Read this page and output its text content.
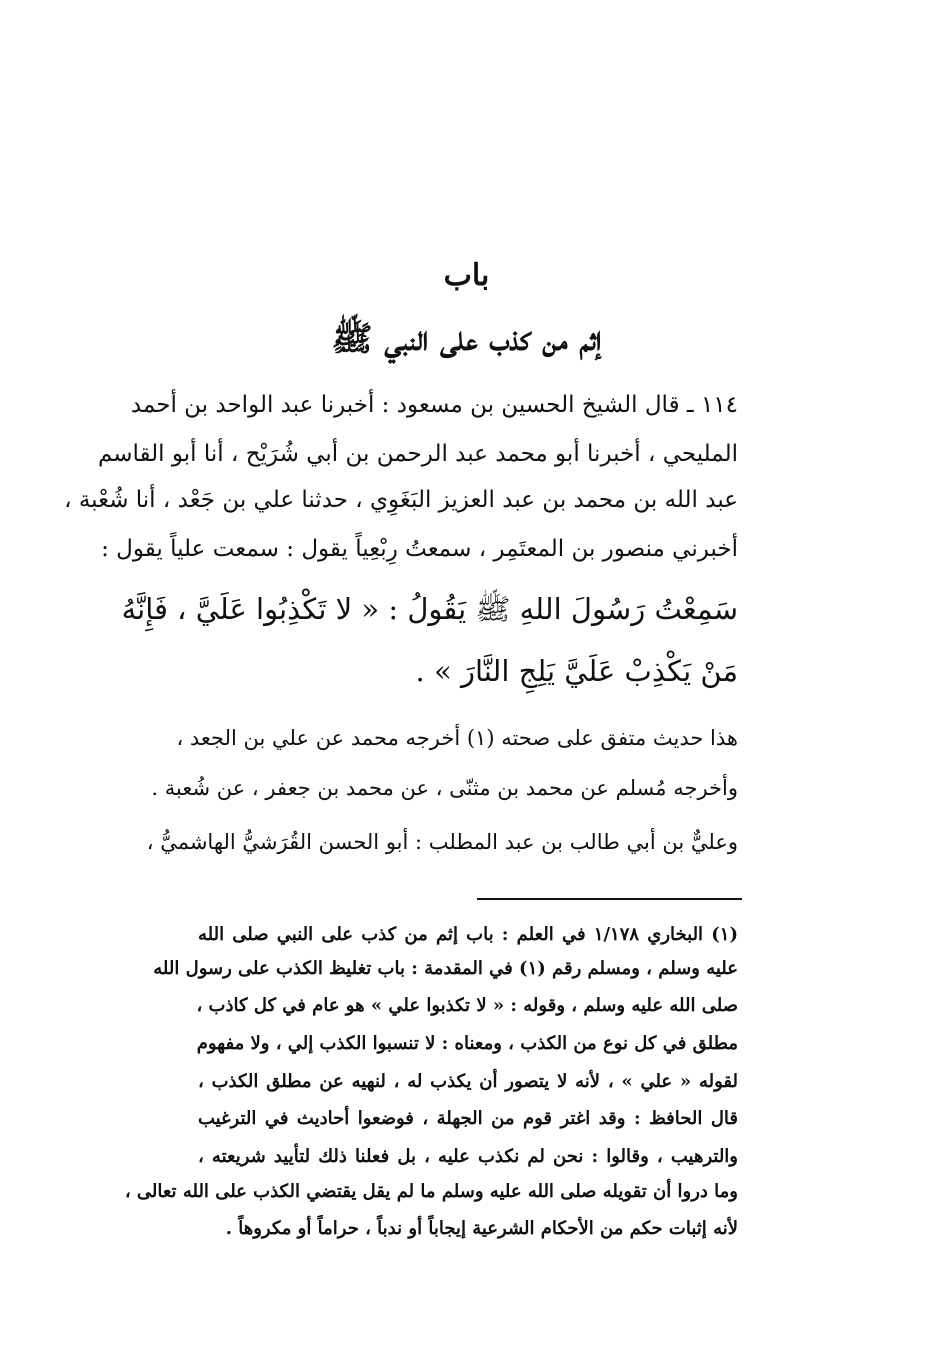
باب
إثم من كذب على النبي ﷺ

١١٤ ـ قال الشيخ الحسين بن مسعود : أخبرنا عبد الواحد بن أحمد

المليحي ، أخبرنا أبو محمد عبد الرحمن بن أبي شُرَيْح ، أنا أبو القاسم

عبد الله بن محمد بن عبد العزيز البَغَوِي ، حدثنا علي بن جَعْد ، أنا شُعْبة ،

أخبرني منصور بن المعتَمِر ، سمعتُ رِبْعِياً يقول : سمعت علياً يقول :

سَمِعْتُ رَسُولَ اللهِ ﷺ يَقُولُ : « لا تَكْذِبُوا عَلَيَّ ، فَإِنَّهُ

مَنْ يَكْذِبْ عَلَيَّ يَلِجِ النَّارَ » .

هذا حديث متفق على صحته (١) أخرجه محمد عن علي بن الجعد ،

وأخرجه مُسلم عن محمد بن مثنّى ، عن محمد بن جعفر ، عن شُعبة .

وعليٌّ بن أبي طالب بن عبد المطلب : أبو الحسن القُرَشيُّ الهاشميُّ ،

(١) البخاري ١/١٧٨ في العلم : باب إثم من كذب على النبي صلى الله

عليه وسلم ، ومسلم رقم (١) في المقدمة : باب تغليظ الكذب على رسول الله

صلى الله عليه وسلم ، وقوله : « لا تكذبوا علي » هو عام في كل كاذب ،

مطلق في كل نوع من الكذب ، ومعناه : لا تنسبوا الكذب إلي ، ولا مفهوم

لقوله « علي » ، لأنه لا يتصور أن يكذب له ، لنهيه عن مطلق الكذب ،

قال الحافظ : وقد اغتر قوم من الجهلة ، فوضعوا أحاديث في الترغيب

والترهيب ، وقالوا : نحن لم نكذب عليه ، بل فعلنا ذلك لتأييد شريعته ،

وما دروا أن تقويله صلى الله عليه وسلم ما لم يقل يقتضي الكذب على الله تعالى ،

لأنه إثبات حكم من الأحكام الشرعية إيجاباً أو ندباً ، حراماً أو مكروهاً .
